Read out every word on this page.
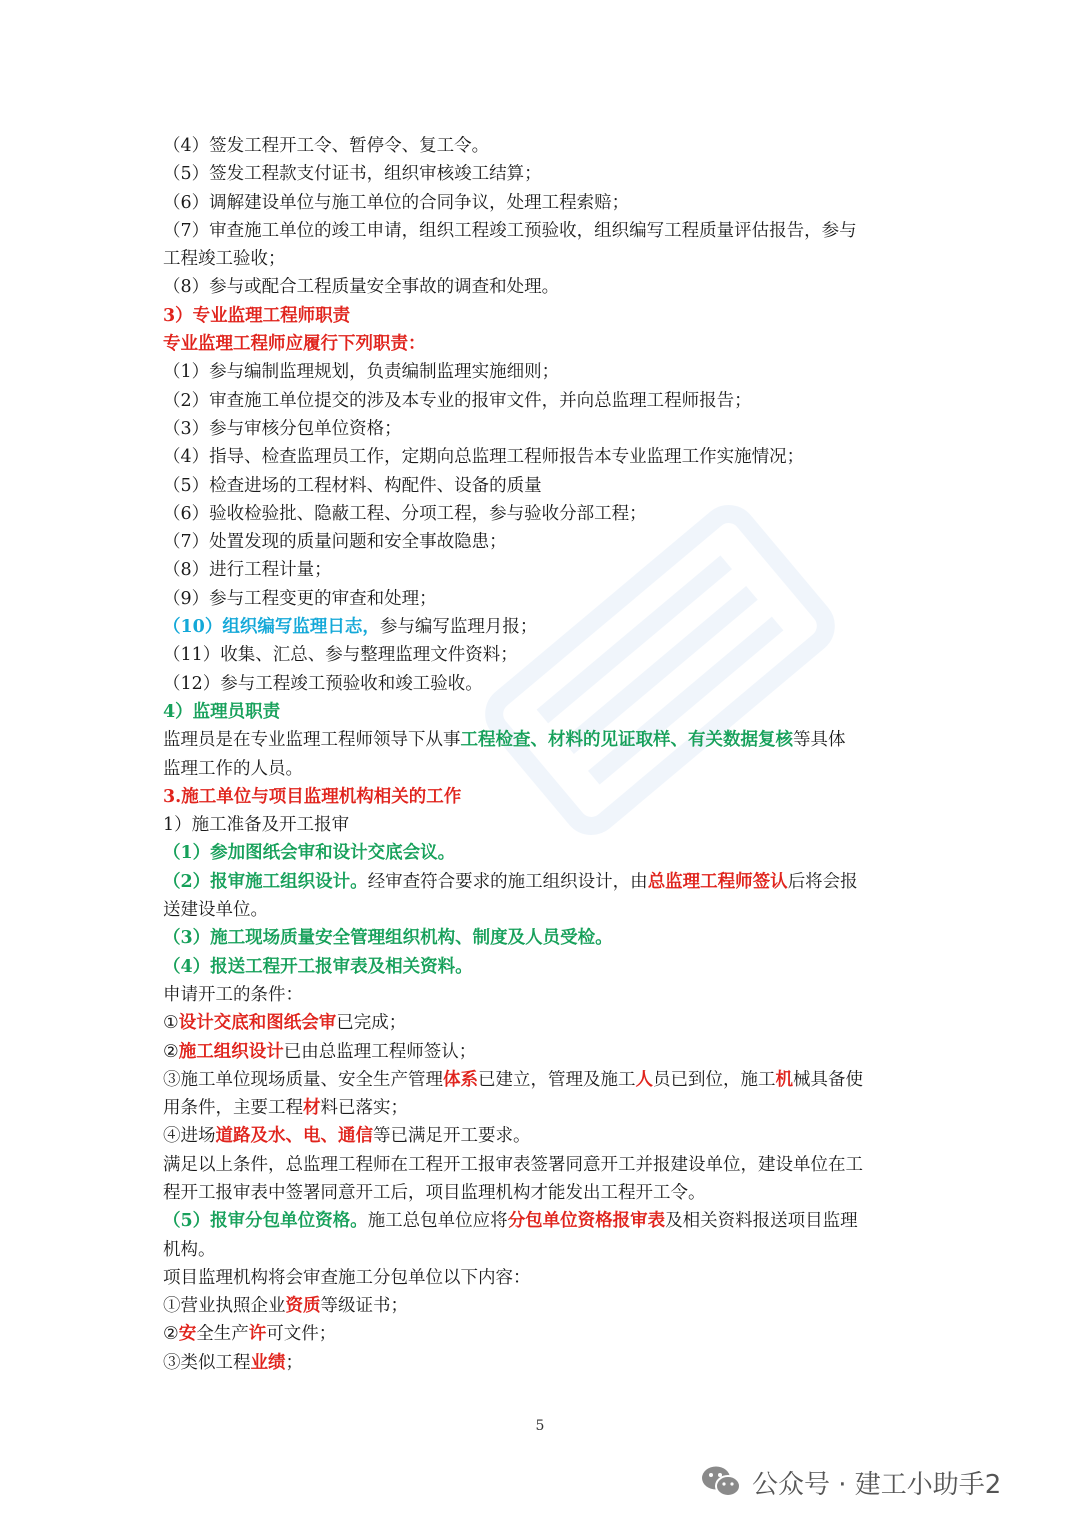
（4）签发工程开工令、暂停令、复工令。
（5）签发工程款支付证书，组织审核竣工结算；
（6）调解建设单位与施工单位的合同争议，处理工程索赔；
（7）审查施工单位的竣工申请，组织工程竣工预验收，组织编写工程质量评估报告，参与
工程竣工验收；
（8）参与或配合工程质量安全事故的调查和处理。
3）专业监理工程师职责
专业监理工程师应履行下列职责：
（1）参与编制监理规划，负责编制监理实施细则；
（2）审查施工单位提交的涉及本专业的报审文件，并向总监理工程师报告；
（3）参与审核分包单位资格；
（4）指导、检查监理员工作，定期向总监理工程师报告本专业监理工作实施情况；
（5）检查进场的工程材料、构配件、设备的质量
（6）验收检验批、隐蔽工程、分项工程，参与验收分部工程；
（7）处置发现的质量问题和安全事故隐患；
（8）进行工程计量；
（9）参与工程变更的审查和处理；
（10）组织编写监理日志，参与编写监理月报；
（11）收集、汇总、参与整理监理文件资料；
（12）参与工程竣工预验收和竣工验收。
4）监理员职责
监理员是在专业监理工程师领导下从事工程检查、材料的见证取样、有关数据复核等具体
监理工作的人员。
3.施工单位与项目监理机构相关的工作
1）施工准备及开工报审
（1）参加图纸会审和设计交底会议。
（2）报审施工组织设计。经审查符合要求的施工组织设计，由总监理工程师签认后将会报
送建设单位。
（3）施工现场质量安全管理组织机构、制度及人员受检。
（4）报送工程开工报审表及相关资料。
申请开工的条件：
①设计交底和图纸会审已完成；
②施工组织设计已由总监理工程师签认；
③施工单位现场质量、安全生产管理体系已建立，管理及施工人员已到位，施工机械具备使
用条件，主要工程材料已落实；
④进场道路及水、电、通信等已满足开工要求。
满足以上条件，总监理工程师在工程开工报审表签署同意开工并报建设单位，建设单位在工
程开工报审表中签署同意开工后，项目监理机构才能发出工程开工令。
（5）报审分包单位资格。施工总包单位应将分包单位资格报审表及相关资料报送项目监理
机构。
项目监理机构将会审查施工分包单位以下内容：
①营业执照企业资质等级证书；
②安全生产许可文件；
③类似工程业绩；
5
公众号 · 建工小助手2
